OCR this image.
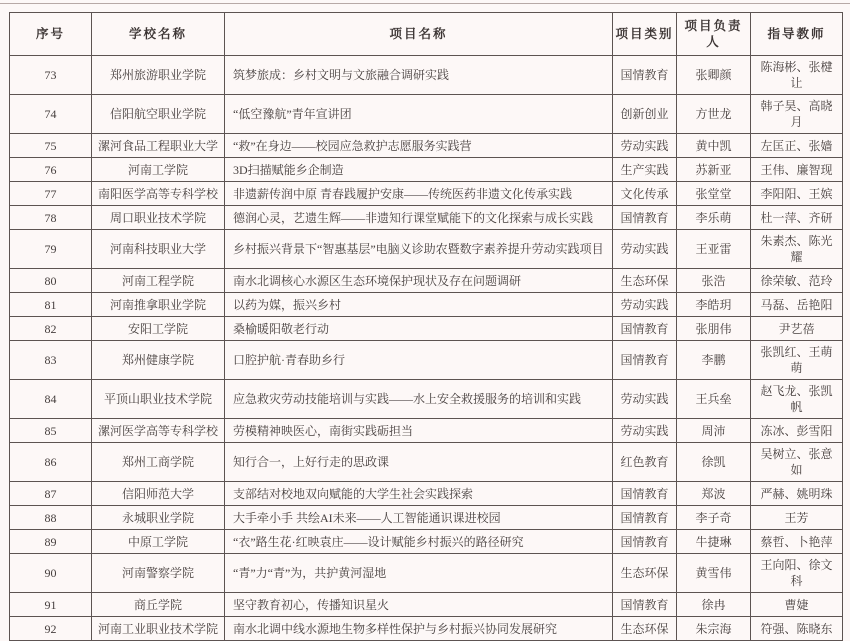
序号	学校名称	项目名称	项目类别	项目负责人	指导教师
73	郑州旅游职业学院	筑梦旅成：乡村文明与文旅融合调研实践	国情教育	张卿颜	陈海彬、张楗让
74	信阳航空职业学院	“低空豫航”青年宣讲团	创新创业	方世龙	韩子昊、高晓月
75	漯河食品工程职业大学	“救”在身边——校园应急救护志愿服务实践营	劳动实践	黄中凯	左匡正、张嫱
76	河南工学院	3D扫描赋能乡企制造	生产实践	苏新亚	王伟、廉智现
77	南阳医学高等专科学校	非遗薪传润中原 青春践履护安康——传统医药非遗文化传承实践	文化传承	张堂堂	李阳阳、王嫔
78	周口职业技术学院	德润心灵，艺遗生辉——非遗知行课堂赋能下的文化探索与成长实践	国情教育	李乐萌	杜一萍、齐研
79	河南科技职业大学	乡村振兴背景下“智惠基层”电脑义诊助农暨数字素养提升劳动实践项目	劳动实践	王亚雷	朱素杰、陈光耀
80	河南工程学院	南水北调核心水源区生态环境保护现状及存在问题调研	生态环保	张浩	徐荣敏、范玲
81	河南推拿职业学院	以药为媒，振兴乡村	劳动实践	李皓玥	马磊、岳艳阳
82	安阳工学院	桑榆暖阳敬老行动	国情教育	张朋伟	尹艺蓓
83	郑州健康学院	口腔护航·青春助乡行	国情教育	李鹏	张凯红、王萌萌
84	平顶山职业技术学院	应急救灾劳动技能培训与实践——水上安全救援服务的培训和实践	劳动实践	王兵垒	赵飞龙、张凯帆
85	漯河医学高等专科学校	劳模精神映医心，南街实践砺担当	劳动实践	周沛	冻冰、彭雪阳
86	郑州工商学院	知行合一，上好行走的思政课	红色教育	徐凯	吴树立、张意如
87	信阳师范大学	支部结对校地双向赋能的大学生社会实践探索	国情教育	郑波	严赫、姚明珠
88	永城职业学院	大手牵小手 共绘AI未来——人工智能通识课进校园	国情教育	李子奇	王芳
89	中原工学院	“衣”路生花·红映袁庄——设计赋能乡村振兴的路径研究	国情教育	牛捷琳	蔡哲、卜艳萍
90	河南警察学院	“青”力“青”为，共护黄河湿地	生态环保	黄雪伟	王向阳、徐文科
91	商丘学院	坚守教育初心，传播知识星火	国情教育	徐冉	曹婕
92	河南工业职业技术学院	南水北调中线水源地生物多样性保护与乡村振兴协同发展研究	生态环保	朱宗海	符强、陈晓东
